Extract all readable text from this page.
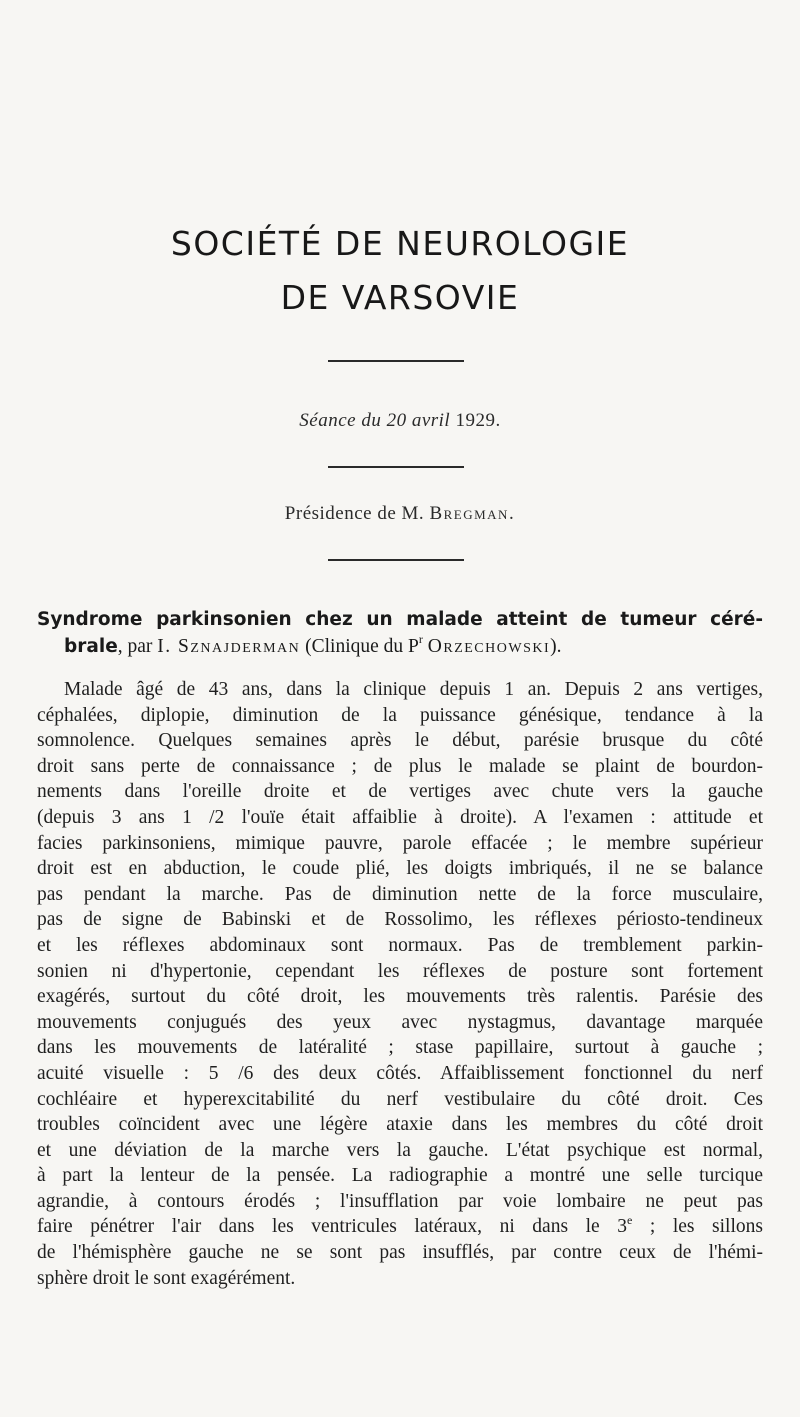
SOCIÉTÉ DE NEUROLOGIE
DE VARSOVIE
Séance du 20 avril 1929.
Présidence de M. Bregman.
Syndrome parkinsonien chez un malade atteint de tumeur céré-
brale, par I. Sznajderman (Clinique du $P^r$ Orzechowski).
Malade âgé de 43 ans, dans la clinique depuis 1 an. Depuis 2 ans vertiges,
céphalées, diplopie, diminution de la puissance génésique, tendance à la
somnolence. Quelques semaines après le début, parésie brusque du côté
droit sans perte de connaissance ; de plus le malade se plaint de bourdon-
nements dans l'oreille droite et de vertiges avec chute vers la gauche
(depuis 3 ans 1 /2 l'ouïe était affaiblie à droite). A l'examen : attitude et
facies parkinsoniens, mimique pauvre, parole effacée ; le membre supérieur
droit est en abduction, le coude plié, les doigts imbriqués, il ne se balance
pas pendant la marche. Pas de diminution nette de la force musculaire,
pas de signe de Babinski et de Rossolimo, les réflexes périosto-tendineux
et les réflexes abdominaux sont normaux. Pas de tremblement parkin-
sonien ni d'hypertonie, cependant les réflexes de posture sont fortement
exagérés, surtout du côté droit, les mouvements très ralentis. Parésie des
mouvements conjugués des yeux avec nystagmus, davantage marquée
dans les mouvements de latéralité ; stase papillaire, surtout à gauche ;
acuité visuelle : 5 /6 des deux côtés. Affaiblissement fonctionnel du nerf
cochléaire et hyperexcitabilité du nerf vestibulaire du côté droit. Ces
troubles coïncident avec une légère ataxie dans les membres du côté droit
et une déviation de la marche vers la gauche. L'état psychique est normal,
à part la lenteur de la pensée. La radiographie a montré une selle turcique
agrandie, à contours érodés ; l'insufflation par voie lombaire ne peut pas
faire pénétrer l'air dans les ventricules latéraux, ni dans le 3e ; les sillons
de l'hémisphère gauche ne se sont pas insufflés, par contre ceux de l'hémi-
sphère droit le sont exagérément.
